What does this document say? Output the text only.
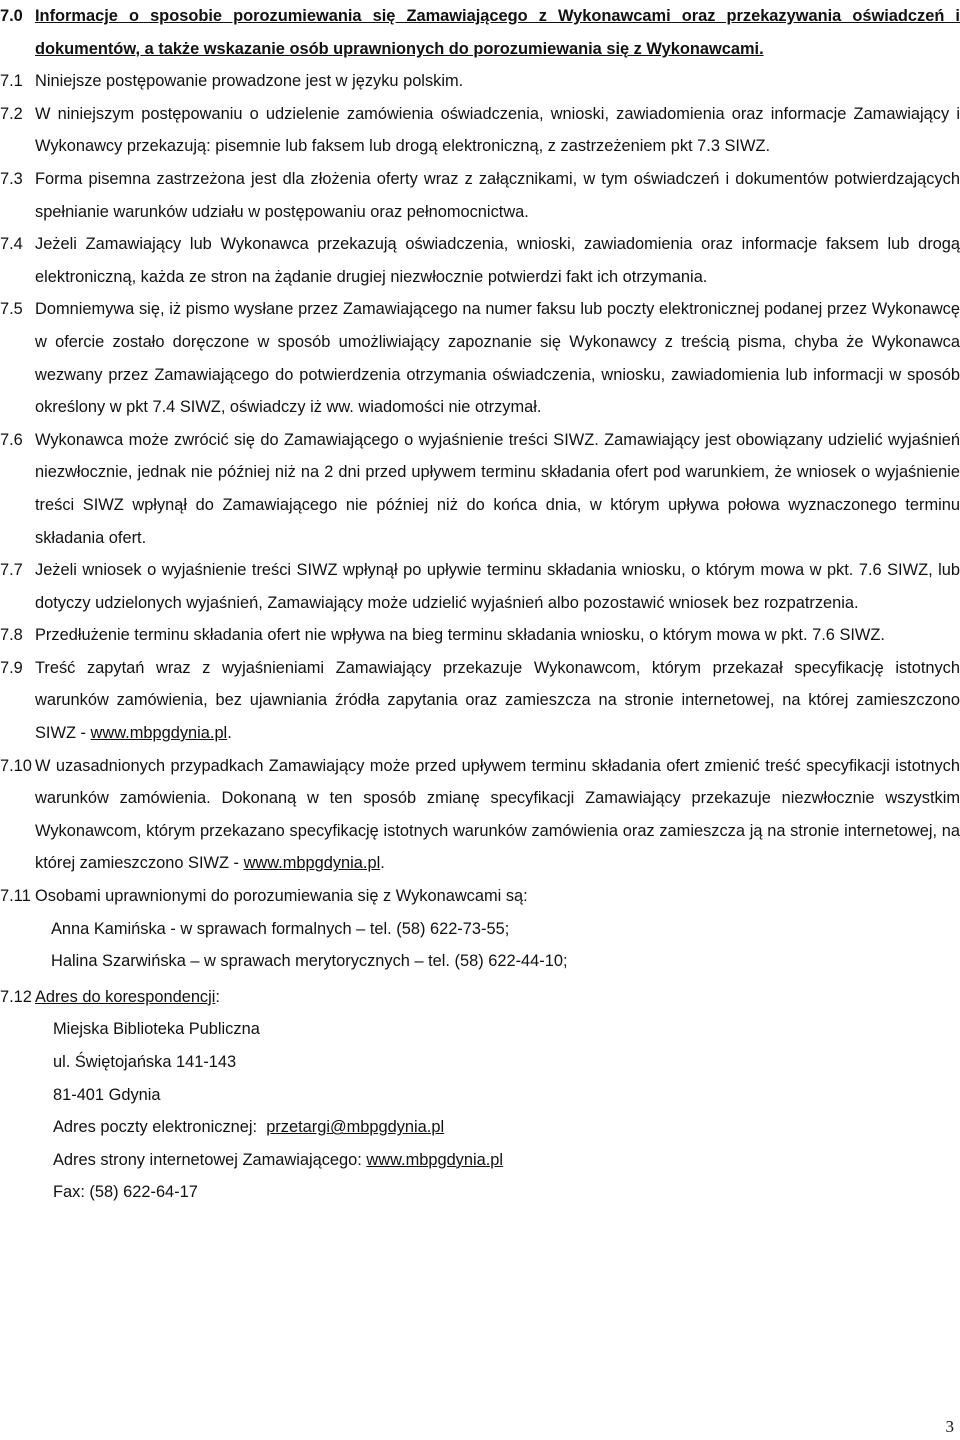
7.0 Informacje o sposobie porozumiewania się Zamawiającego z Wykonawcami oraz przekazywania oświadczeń i dokumentów, a także wskazanie osób uprawnionych do porozumiewania się z Wykonawcami.
7.1 Niniejsze postępowanie prowadzone jest w języku polskim.
7.2 W niniejszym postępowaniu o udzielenie zamówienia oświadczenia, wnioski, zawiadomienia oraz informacje Zamawiający i Wykonawcy przekazują: pisemnie lub faksem lub drogą elektroniczną, z zastrzeżeniem pkt 7.3 SIWZ.
7.3 Forma pisemna zastrzeżona jest dla złożenia oferty wraz z załącznikami, w tym oświadczeń i dokumentów potwierdzających spełnianie warunków udziału w postępowaniu oraz pełnomocnictwa.
7.4 Jeżeli Zamawiający lub Wykonawca przekazują oświadczenia, wnioski, zawiadomienia oraz informacje faksem lub drogą elektroniczną, każda ze stron na żądanie drugiej niezwłocznie potwierdzi fakt ich otrzymania.
7.5 Domniemywa się, iż pismo wysłane przez Zamawiającego na numer faksu lub poczty elektronicznej podanej przez Wykonawcę w ofercie zostało doręczone w sposób umożliwiający zapoznanie się Wykonawcy z treścią pisma, chyba że Wykonawca wezwany przez Zamawiającego do potwierdzenia otrzymania oświadczenia, wniosku, zawiadomienia lub informacji w sposób określony w pkt 7.4 SIWZ, oświadczy iż ww. wiadomości nie otrzymał.
7.6 Wykonawca może zwrócić się do Zamawiającego o wyjaśnienie treści SIWZ. Zamawiający jest obowiązany udzielić wyjaśnień niezwłocznie, jednak nie później niż na 2 dni przed upływem terminu składania ofert pod warunkiem, że wniosek o wyjaśnienie treści SIWZ wpłynął do Zamawiającego nie później niż do końca dnia, w którym upływa połowa wyznaczonego terminu składania ofert.
7.7 Jeżeli wniosek o wyjaśnienie treści SIWZ wpłynął po upływie terminu składania wniosku, o którym mowa w pkt. 7.6 SIWZ, lub dotyczy udzielonych wyjaśnień, Zamawiający może udzielić wyjaśnień albo pozostawić wniosek bez rozpatrzenia.
7.8 Przedłużenie terminu składania ofert nie wpływa na bieg terminu składania wniosku, o którym mowa w pkt. 7.6 SIWZ.
7.9 Treść zapytań wraz z wyjaśnieniami Zamawiający przekazuje Wykonawcom, którym przekazał specyfikację istotnych warunków zamówienia, bez ujawniania źródła zapytania oraz zamieszcza na stronie internetowej, na której zamieszczono SIWZ - www.mbpgdynia.pl.
7.10 W uzasadnionych przypadkach Zamawiający może przed upływem terminu składania ofert zmienić treść specyfikacji istotnych warunków zamówienia. Dokonaną w ten sposób zmianę specyfikacji Zamawiający przekazuje niezwłocznie wszystkim Wykonawcom, którym przekazano specyfikację istotnych warunków zamówienia oraz zamieszcza ją na stronie internetowej, na której zamieszczono SIWZ - www.mbpgdynia.pl.
7.11 Osobami uprawnionymi do porozumiewania się z Wykonawcami są:
Anna Kamińska - w sprawach formalnych – tel. (58) 622-73-55;
Halina Szarwińska – w sprawach merytorycznych – tel. (58) 622-44-10;
7.12 Adres do korespondencji:
Miejska Biblioteka Publiczna
ul. Świętojańska 141-143
81-401 Gdynia
Adres poczty elektronicznej:  przetargi@mbpgdynia.pl
Adres strony internetowej Zamawiającego: www.mbpgdynia.pl
Fax: (58) 622-64-17
3
